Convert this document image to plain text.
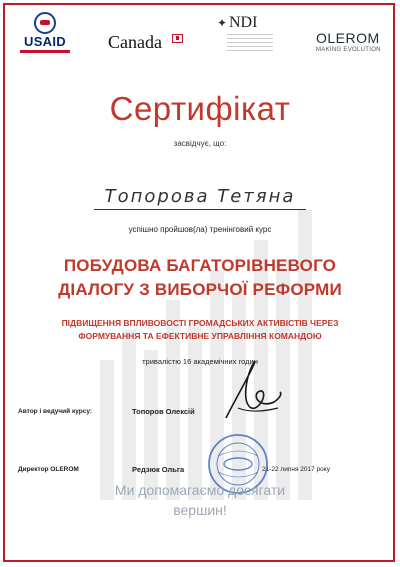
USAID	Canada
✦ NDI
OLEROM
MAKING EVOLUTION
Сертифікат
засвідчує, що:
Топорова Тетяна
успішно пройшов(ла) тренінговий курс
ПОБУДОВА БАГАТОРІВНЕВОГО
ДІАЛОГУ З ВИБОРЧОЇ РЕФОРМИ
ПІДВИЩЕННЯ ВПЛИВОВОСТІ ГРОМАДСЬКИХ АКТИВІСТІВ ЧЕРЕЗ
ФОРМУВАННЯ ТА ЕФЕКТИВНЕ УПРАВЛІННЯ КОМАНДОЮ
тривалістю 16 академічних годин
Автор і ведучий курсу:	Топоров Олексій
Директор OLEROM	Редзюк Ольга	21-22 липня 2017 року
Ми допомагаємо досягати
вершин!
